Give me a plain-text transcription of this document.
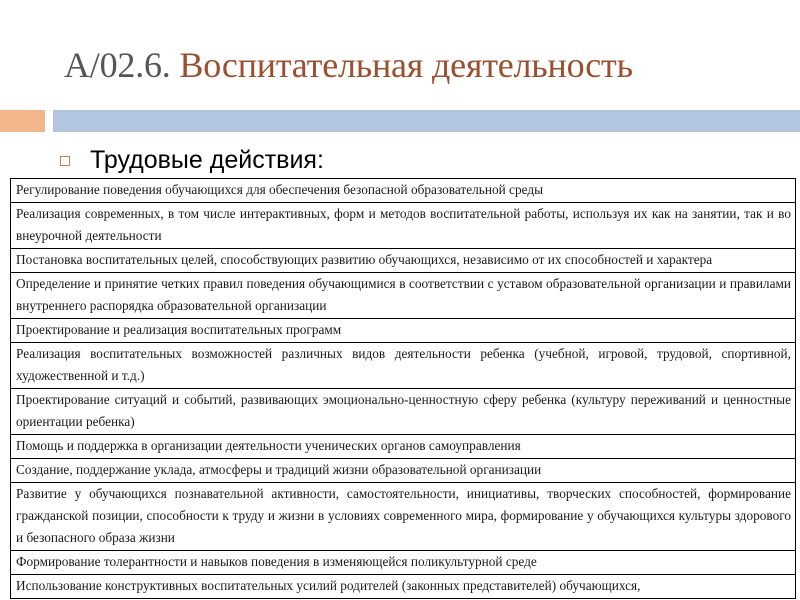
А/02.6. Воспитательная деятельность
Трудовые действия:
Регулирование поведения обучающихся для обеспечения безопасной образовательной среды
Реализация современных, в том числе интерактивных, форм и методов воспитательной работы, используя их как на занятии, так и во внеурочной деятельности
Постановка воспитательных целей, способствующих развитию обучающихся, независимо от их способностей и характера
Определение и принятие четких правил поведения обучающимися в соответствии с уставом образовательной организации и правилами внутреннего распорядка образовательной организации
Проектирование и реализация воспитательных программ
Реализация воспитательных возможностей различных видов деятельности ребенка (учебной, игровой, трудовой, спортивной, художественной и т.д.)
Проектирование ситуаций и событий, развивающих эмоционально-ценностную сферу ребенка (культуру переживаний и ценностные ориентации ребенка)
Помощь и поддержка в организации деятельности ученических органов самоуправления
Создание, поддержание уклада, атмосферы и традиций жизни образовательной организации
Развитие у обучающихся познавательной активности, самостоятельности, инициативы, творческих способностей, формирование гражданской позиции, способности к труду и жизни в условиях современного мира, формирование у обучающихся культуры здорового и безопасного образа жизни
Формирование толерантности и навыков поведения в изменяющейся поликультурной среде
Использование конструктивных воспитательных усилий родителей (законных представителей) обучающихся,
